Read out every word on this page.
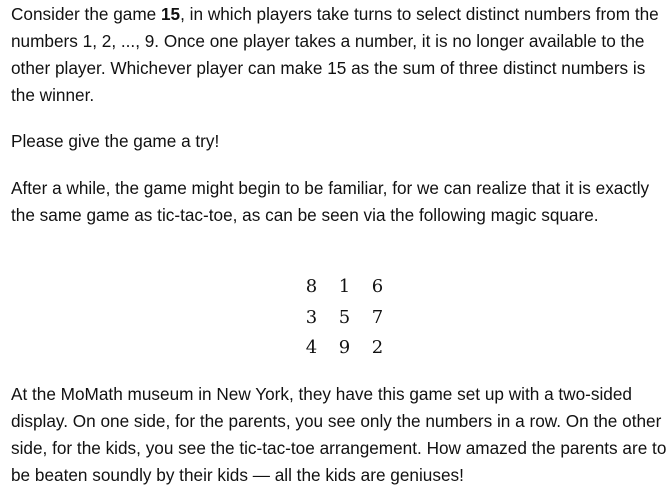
Consider the game 15, in which players take turns to select distinct numbers from the numbers 1, 2, ..., 9. Once one player takes a number, it is no longer available to the other player. Whichever player can make 15 as the sum of three distinct numbers is the winner.

Please give the game a try!

After a while, the game might begin to be familiar, for we can realize that it is exactly the same game as tic-tac-toe, as can be seen via the following magic square.

8	1	6
3	5	7
4	9	2

At the MoMath museum in New York, they have this game set up with a two-sided display. On one side, for the parents, you see only the numbers in a row. On the other side, for the kids, you see the tic-tac-toe arrangement. How amazed the parents are to be beaten soundly by their kids — all the kids are geniuses!
